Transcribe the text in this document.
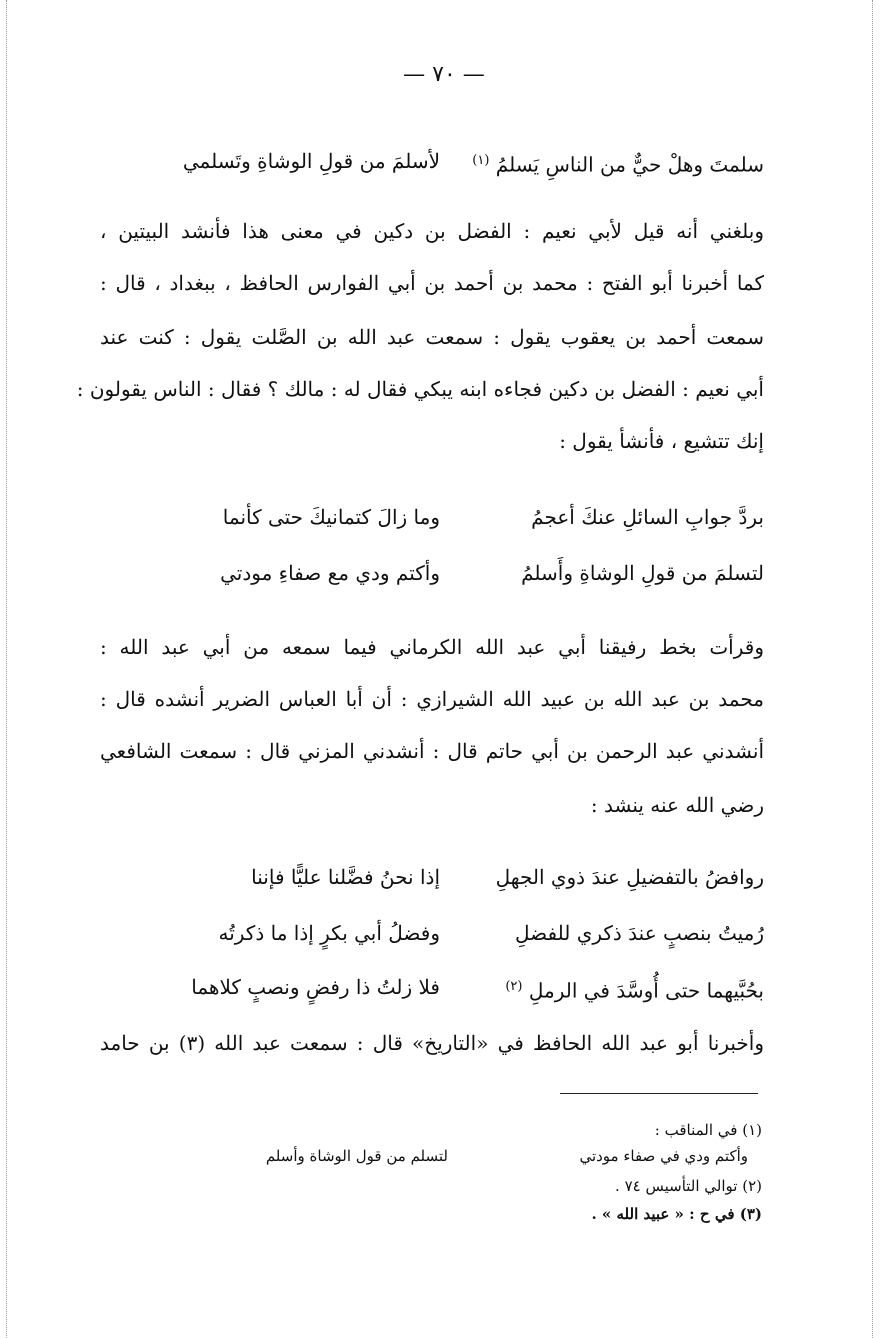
— ٧٠ —
لأسلمَ من قولِ الوشاةِ وتَسلمي	سلمتَ وهلْ حيٌّ من الناسِ يَسلمُ $^{(١)}$
وبلغني أنه قيل لأبي نعيم : الفضل بن دكين في معنى هذا فأنشد البيتين ،
كما أخبرنا أبو الفتح : محمد بن أحمد بن أبي الفوارس الحافظ ، ببغداد ، قال :
سمعت أحمد بن يعقوب يقول : سمعت عبد الله بن الصَّلت يقول : كنت عند
أبي نعيم : الفضل بن دكين فجاءه ابنه يبكي فقال له : مالك ؟ فقال : الناس يقولون :
إنك تتشيع ، فأنشأ يقول :
بردَّ جوابِ السائلِ عنكَ أعجمُ
وما زالَ كتمانيكَ حتى كأنما
لتسلمَ من قولِ الوشاةِ وأَسلمُ
وأكتم ودي مع صفاءِ مودتي
وقرأت بخط رفيقنا أبي عبد الله الكرماني فيما سمعه من أبي عبد الله :
محمد بن عبد الله بن عبيد الله الشيرازي : أن أبا العباس الضرير أنشده قال :
أنشدني عبد الرحمن بن أبي حاتم قال : أنشدني المزني قال : سمعت الشافعي
رضي الله عنه ينشد :
روافضُ بالتفضيلِ عندَ ذوي الجهلِ
إذا نحنُ فضَّلنا عليًّا فإننا
رُميتُ بنصبٍ عندَ ذكري للفضلِ
وفضلُ أبي بكرٍ إذا ما ذكرتُه
بحُبَّيهما حتى أُوسَّدَ في الرملِ $^{(٢)}$
فلا زلتُ ذا رفضٍ ونصبٍ كلاهما
وأخبرنا أبو عبد الله الحافظ في «التاريخ» قال : سمعت عبد الله (٣) بن حامد
(١) في المناقب :
وأكتم ودي في صفاء مودتي
لتسلم من قول الوشاة وأسلم
(٢) توالي التأسيس ٧٤ .
(٣) في ح : « عبيد الله » .
